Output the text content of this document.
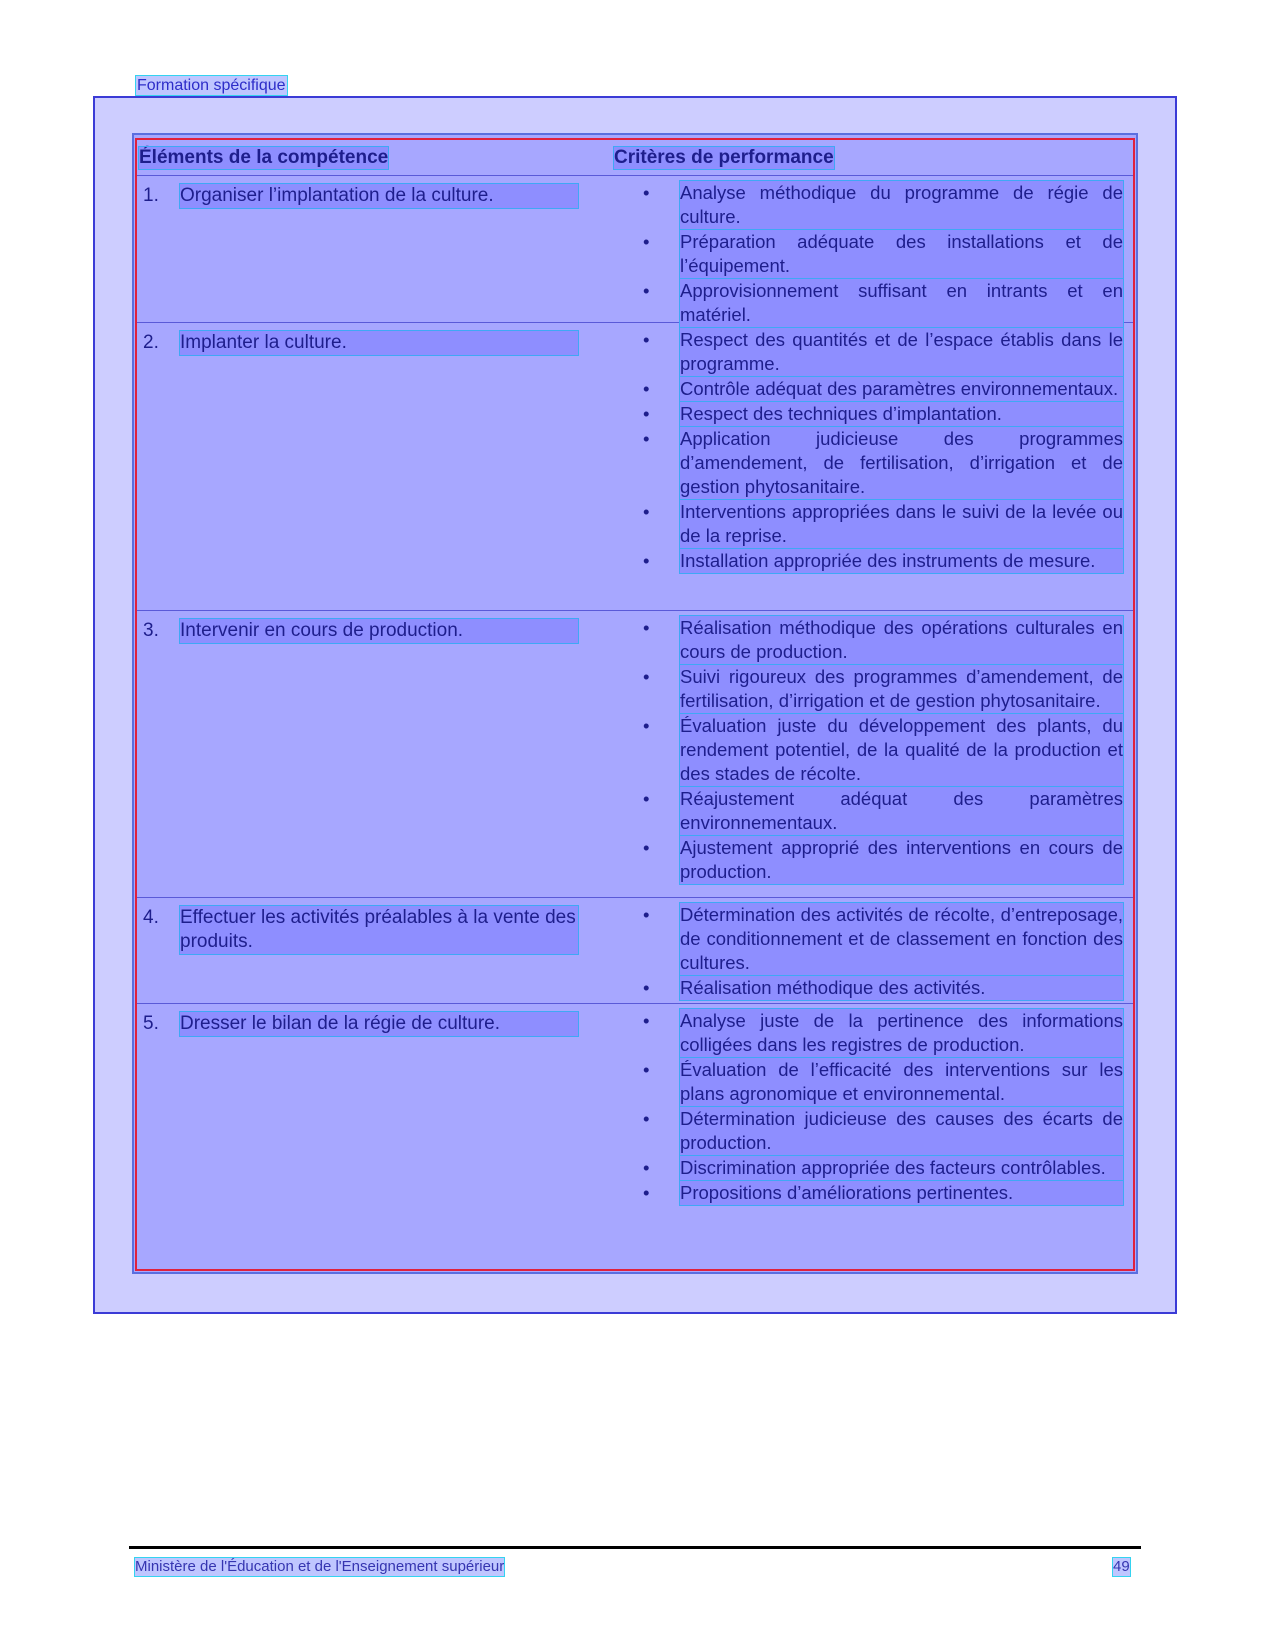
Formation spécifique
Éléments de la compétence	Critères de performance
1. Organiser l’implantation de la culture.	• Analyse méthodique du programme de régie de culture.
• Préparation adéquate des installations et de l’équipement.
• Approvisionnement suffisant en intrants et en matériel.
2. Implanter la culture.	• Respect des quantités et de l’espace établis dans le programme.
• Contrôle adéquat des paramètres environnementaux.
• Respect des techniques d’implantation.
• Application judicieuse des programmes d’amendement, de fertilisation, d’irrigation et de gestion phytosanitaire.
• Interventions appropriées dans le suivi de la levée ou de la reprise.
• Installation appropriée des instruments de mesure.
3. Intervenir en cours de production.	• Réalisation méthodique des opérations culturales en cours de production.
• Suivi rigoureux des programmes d’amendement, de fertilisation, d’irrigation et de gestion phytosanitaire.
• Évaluation juste du développement des plants, du rendement potentiel, de la qualité de la production et des stades de récolte.
• Réajustement adéquat des paramètres environnementaux.
• Ajustement approprié des interventions en cours de production.
4. Effectuer les activités préalables à la vente des produits.
• Détermination des activités de récolte, d’entreposage, de conditionnement et de classement en fonction des cultures.
• Réalisation méthodique des activités.
5. Dresser le bilan de la régie de culture.	• Analyse juste de la pertinence des informations colligées dans les registres de production.
• Évaluation de l’efficacité des interventions sur les plans agronomique et environnemental.
• Détermination judicieuse des causes des écarts de production.
• Discrimination appropriée des facteurs contrôlables.
• Propositions d’améliorations pertinentes.
Ministère de l'Éducation et de l'Enseignement supérieur	49
